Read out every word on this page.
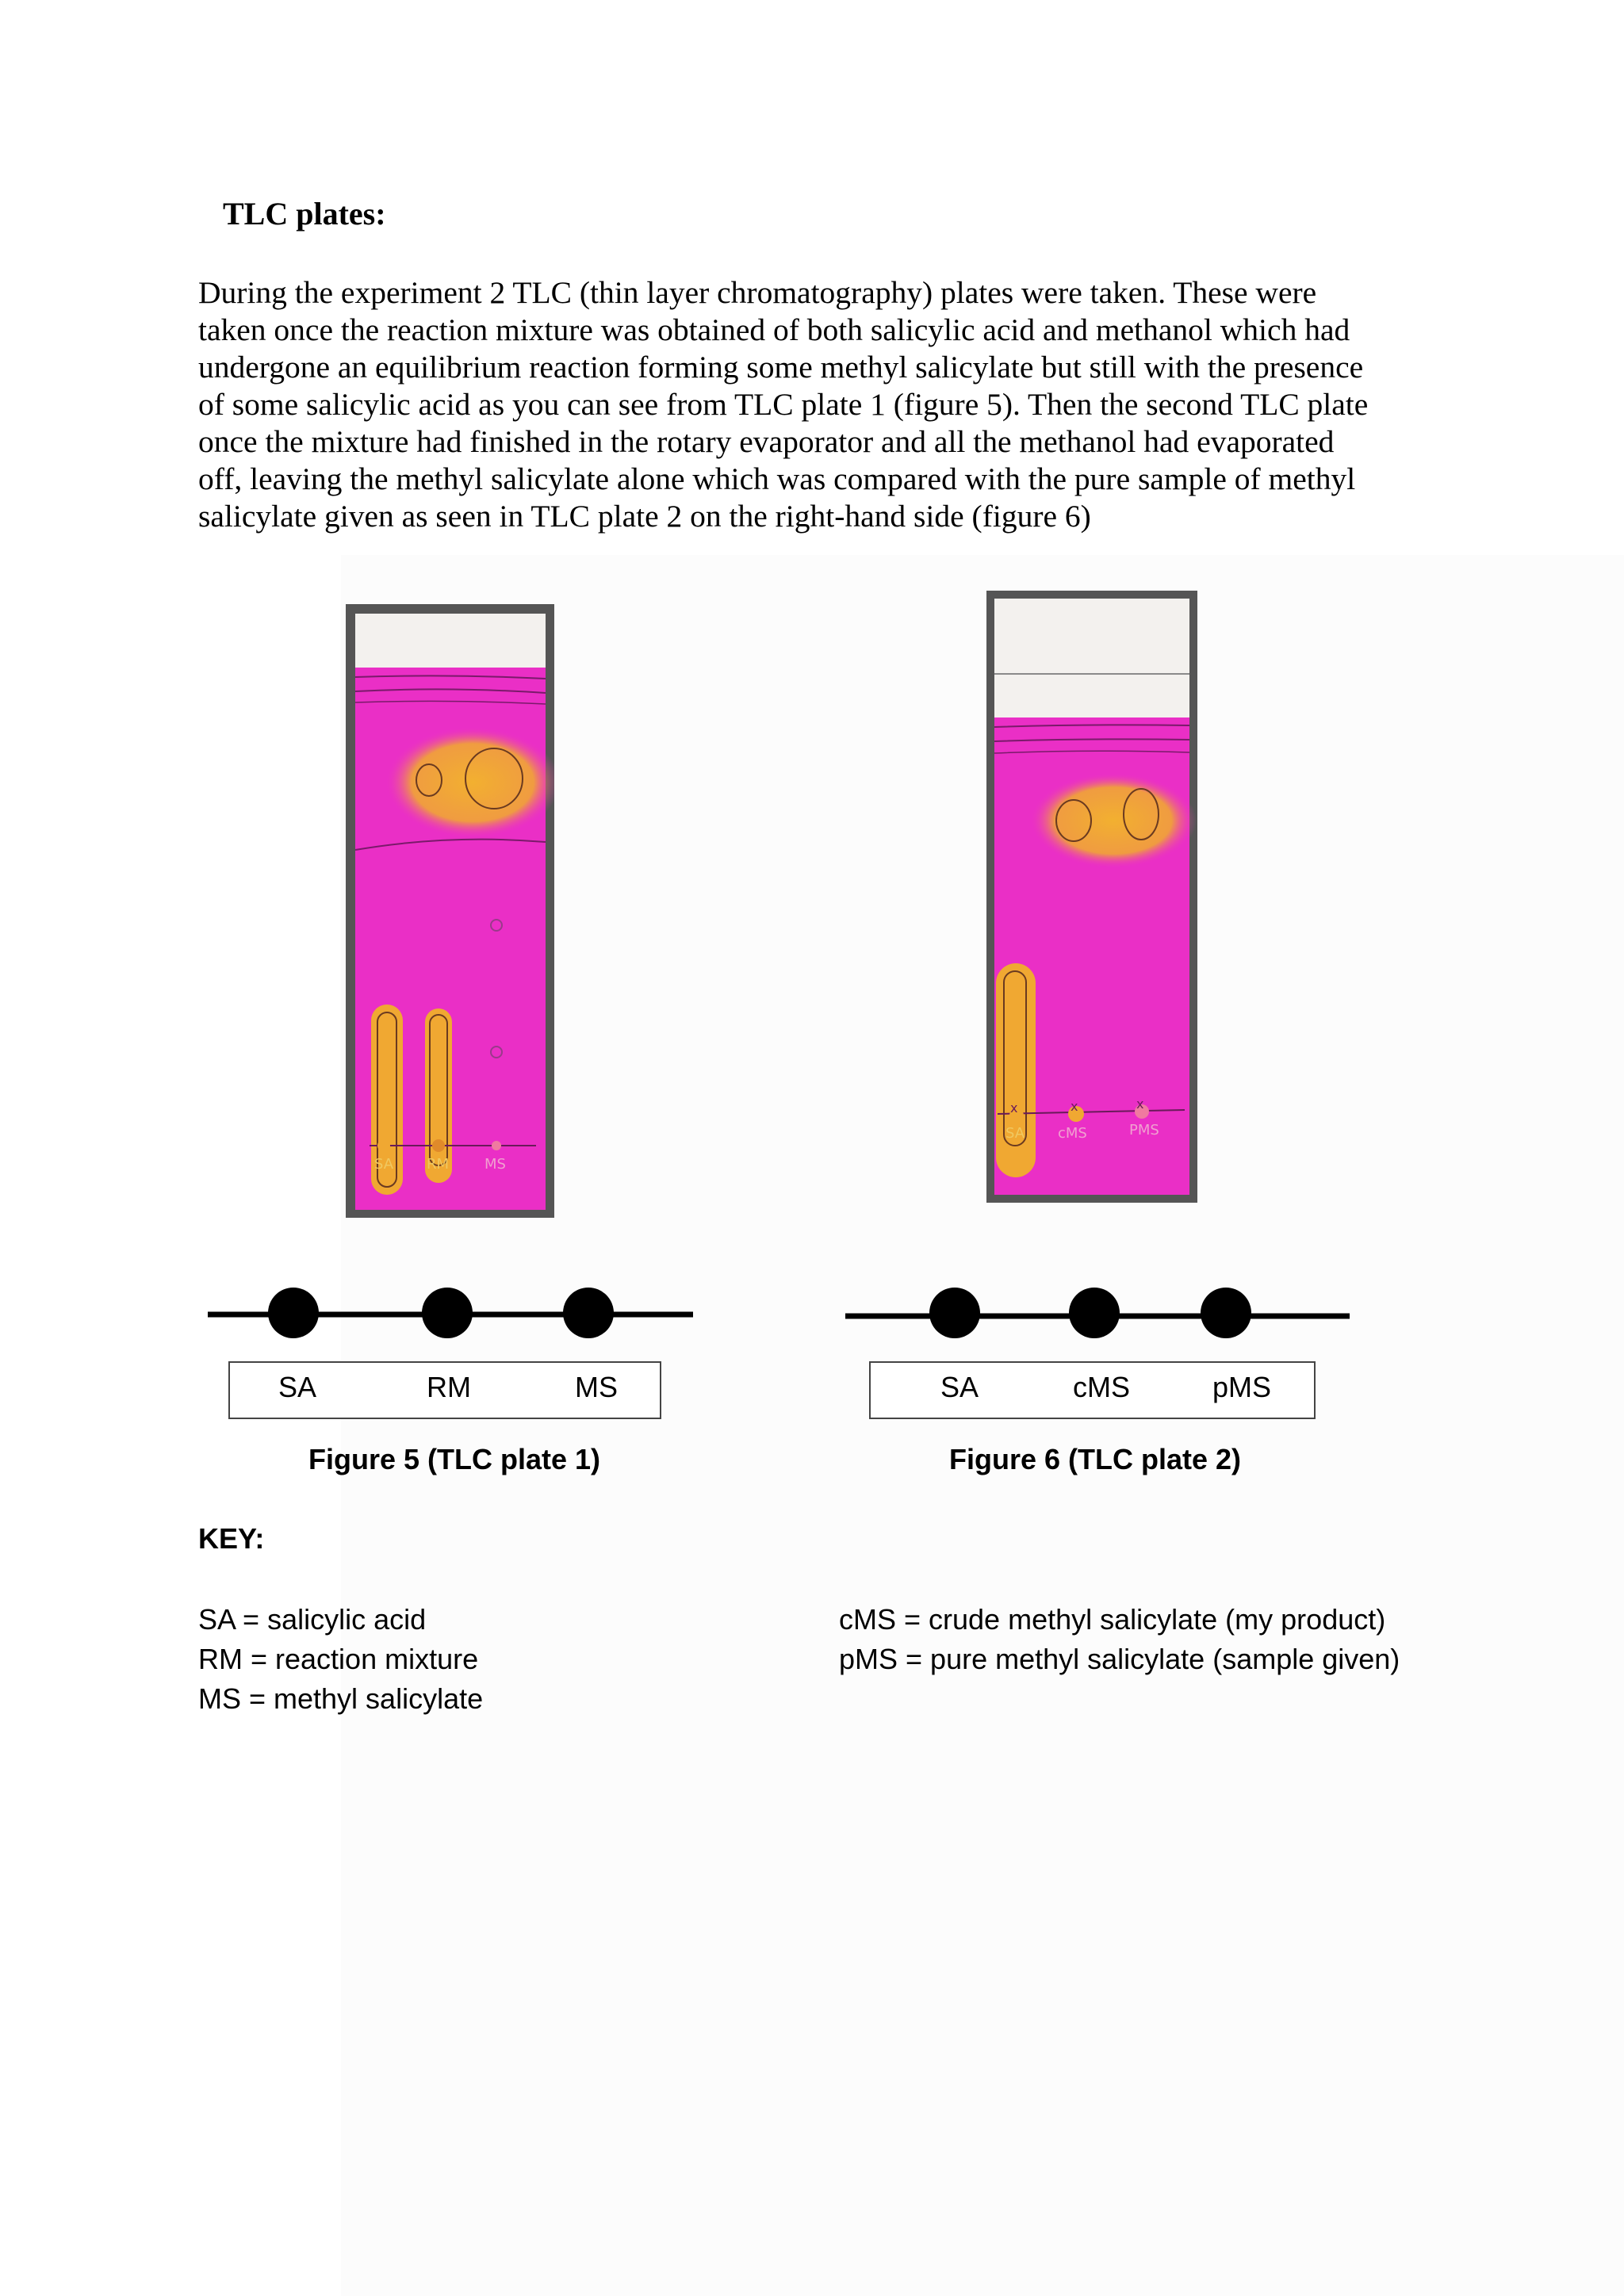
TLC plates:

During the experiment 2 TLC (thin layer chromatography) plates were taken. These were
taken once the reaction mixture was obtained of both salicylic acid and methanol which had
undergone an equilibrium reaction forming some methyl salicylate but still with the presence
of some salicylic acid as you can see from TLC plate 1 (figure 5). Then the second TLC plate
once the mixture had finished in the rotary evaporator and all the methanol had evaporated
off, leaving the methyl salicylate alone which was compared with the pure sample of methyl
salicylate given as seen in TLC plate 2 on the right-hand side (figure 6)

SA RM MS
x	x	x
SA cMS	PMS
SA	RM	MS
Figure 5 (TLC plate 1)
SA	cMS	pMS
Figure 6 (TLC plate 2)
KEY:
SA = salicylic acid
RM = reaction mixture
MS = methyl salicylate
cMS = crude methyl salicylate (my product)
pMS = pure methyl salicylate (sample given)
